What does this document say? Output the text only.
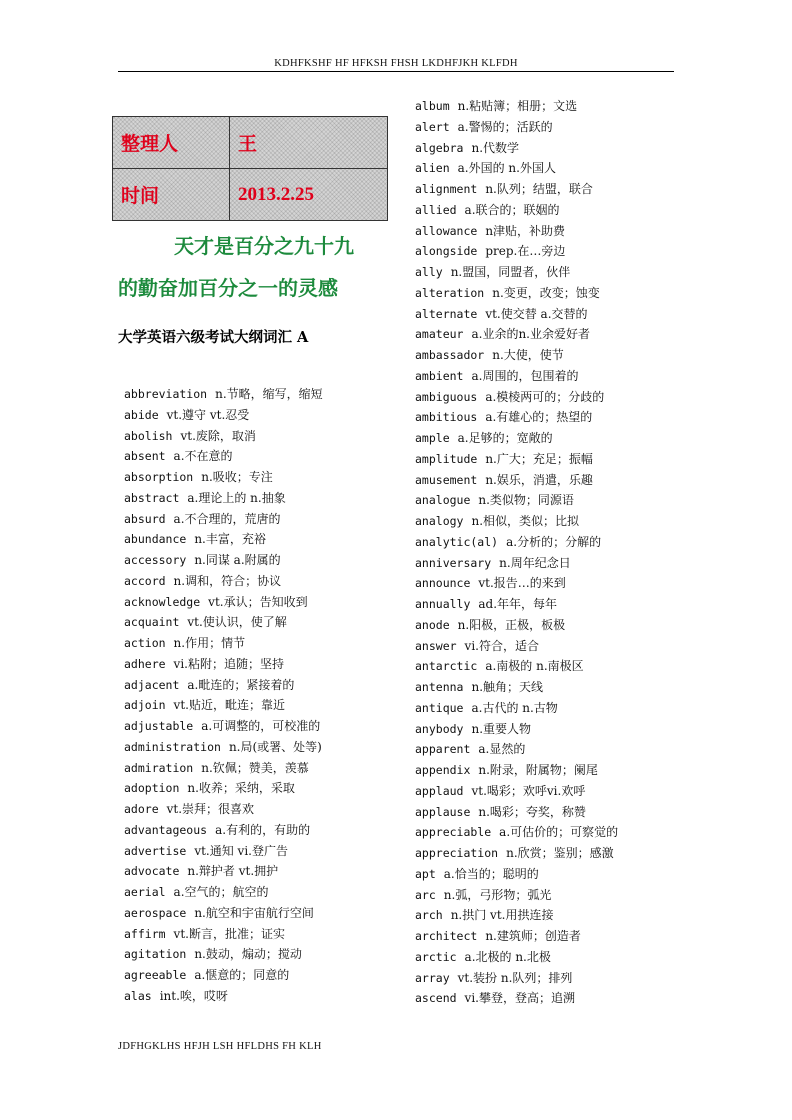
KDHFKSHF HF HFKSH FHSH LKDHFJKH KLFDH
整理人	王
时间	2013.2.25
天才是百分之九十九
的勤奋加百分之一的灵感
大学英语六级考试大纲词汇 A
abbreviation n.节略，缩写，缩短
abide vt.遵守 vt.忍受
abolish vt.废除，取消
absent a.不在意的
absorption n.吸收；专注
abstract a.理论上的 n.抽象
absurd a.不合理的，荒唐的
abundance n.丰富，充裕
accessory n.同谋 a.附属的
accord n.调和，符合；协议
acknowledge vt.承认；告知收到
acquaint vt.使认识，使了解
action n.作用；情节
adhere vi.粘附；追随；坚持
adjacent a.毗连的；紧接着的
adjoin vt.贴近，毗连；靠近
adjustable a.可调整的，可校准的
administration n.局(或署、处等)
admiration n.钦佩；赞美，羡慕
adoption n.收养；采纳，采取
adore vt.崇拜；很喜欢
advantageous a.有利的，有助的
advertise vt.通知 vi.登广告
advocate n.辩护者 vt.拥护
aerial a.空气的；航空的
aerospace n.航空和宇宙航行空间
affirm vt.断言，批准；证实
agitation n.鼓动，煽动；搅动
agreeable a.惬意的；同意的
alas int.唉，哎呀
album n.粘贴簿；相册；文选
alert a.警惕的；活跃的
algebra n.代数学
alien a.外国的 n.外国人
alignment n.队列；结盟，联合
allied a.联合的；联姻的
allowance n津贴，补助费
alongside prep.在…旁边
ally n.盟国，同盟者，伙伴
alteration n.变更，改变；蚀变
alternate vt.使交替 a.交替的
amateur a.业余的n.业余爱好者
ambassador n.大使，使节
ambient a.周围的，包围着的
ambiguous a.模棱两可的；分歧的
ambitious a.有雄心的；热望的
ample a.足够的；宽敞的
amplitude n.广大；充足；振幅
amusement n.娱乐，消遣，乐趣
analogue n.类似物；同源语
analogy n.相似，类似；比拟
analytic(al) a.分析的；分解的
anniversary n.周年纪念日
announce vt.报告…的来到
annually ad.年年，每年
anode n.阳极，正极，板极
answer vi.符合，适合
antarctic a.南极的 n.南极区
antenna n.触角；天线
antique a.古代的 n.古物
anybody n.重要人物
apparent a.显然的
appendix n.附录，附属物；阑尾
applaud vt.喝彩；欢呼vi.欢呼
applause n.喝彩；夸奖，称赞
appreciable a.可估价的；可察觉的
appreciation n.欣赏；鉴别；感激
apt a.恰当的；聪明的
arc n.弧，弓形物；弧光
arch n.拱门 vt.用拱连接
architect n.建筑师；创造者
arctic a.北极的 n.北极
array vt.装扮 n.队列；排列
ascend vi.攀登，登高；追溯
JDFHGKLHS HFJH LSH HFLDHS FH KLH
